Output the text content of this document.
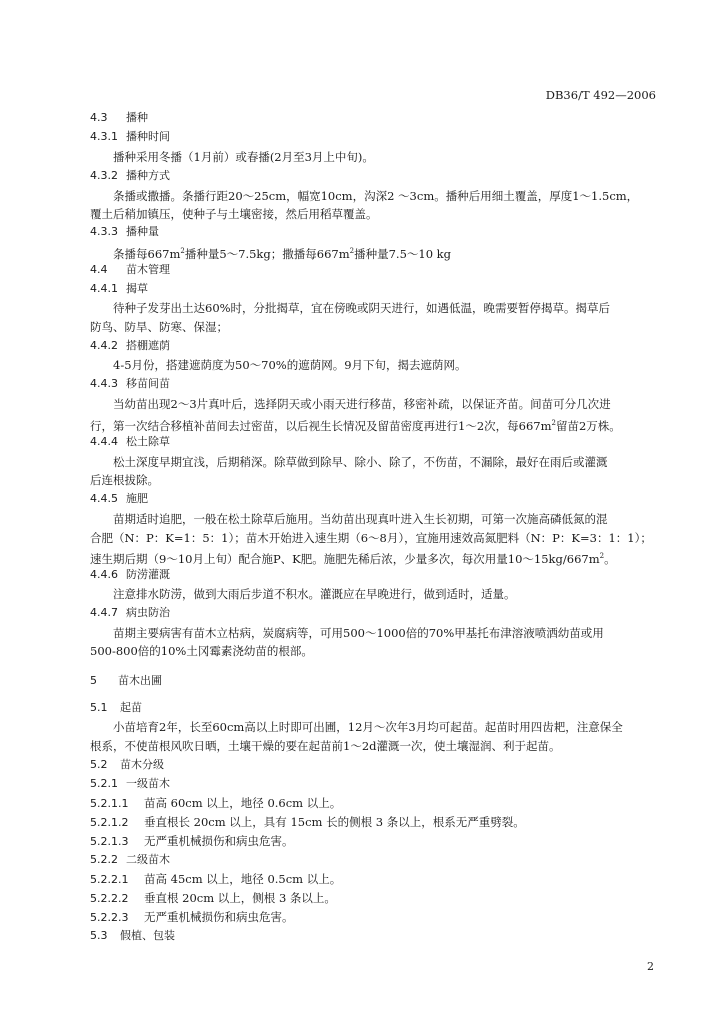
DB36/T 492—2006
4.3 播种
4.3.1 播种时间
播种采用冬播（1月前）或春播(2月至3月上中旬)。
4.3.2 播种方式
条播或撒播。条播行距20～25cm，幅宽10cm，沟深2 ～3cm。播种后用细土覆盖，厚度1～1.5cm，
覆土后稍加镇压，使种子与土壤密接，然后用稻草覆盖。
4.3.3 播种量
条播每$667m^2$播种量5～7.5kg；撒播每$667m^2$播种量7.5～10 kg
4.4 苗木管理
4.4.1 揭草
待种子发芽出土达60%时，分批揭草，宜在傍晚或阴天进行，如遇低温，晚需要暂停揭草。揭草后
防鸟、防旱、防寒、保湿；
4.4.2 搭棚遮荫
4-5月份，搭建遮荫度为50～70%的遮荫网。9月下旬，揭去遮荫网。
4.4.3 移苗间苗
当幼苗出现2～3片真叶后，选择阴天或小雨天进行移苗，移密补疏，以保证齐苗。间苗可分几次进
行，第一次结合移植补苗间去过密苗，以后视生长情况及留苗密度再进行1～2次，每$667m^2$留苗2万株。
4.4.4 松土除草
松土深度早期宜浅，后期稍深。除草做到除早、除小、除了，不伤苗，不漏除，最好在雨后或灌溉
后连根拔除。
4.4.5 施肥
苗期适时追肥，一般在松土除草后施用。当幼苗出现真叶进入生长初期，可第一次施高磷低氮的混
合肥（N：P：K=1：5：1）；苗木开始进入速生期（6～8月），宜施用速效高氮肥料（N：P：K=3：1：1）；
速生期后期（9～10月上旬）配合施P、K肥。施肥先稀后浓，少量多次，每次用量$10\sim 15kg/667m^2$。
4.4.6 防涝灌溉
注意排水防涝，做到大雨后步道不积水。灌溉应在早晚进行，做到适时，适量。
4.4.7 病虫防治
苗期主要病害有苗木立枯病，炭腐病等，可用500～1000倍的70%甲基托布津溶液喷洒幼苗或用
500-800倍的10%土冈霉素浇幼苗的根部。
5 苗木出圃
5.1 起苗
小苗培育2年，长至60cm高以上时即可出圃，12月～次年3月均可起苗。起苗时用四齿耙，注意保全
根系，不使苗根风吹日晒，土壤干燥的要在起苗前1～2d灌溉一次，使土壤湿润、利于起苗。
5.2 苗木分级
5.2.1 一级苗木
5.2.1.1 苗高 60cm 以上，地径 0.6cm 以上。
5.2.1.2 垂直根长 20cm 以上，具有 15cm 长的侧根 3 条以上，根系无严重劈裂。
5.2.1.3 无严重机械损伤和病虫危害。
5.2.2 二级苗木
5.2.2.1 苗高 45cm 以上，地径 0.5cm 以上。
5.2.2.2 垂直根 20cm 以上，侧根 3 条以上。
5.2.2.3 无严重机械损伤和病虫危害。
5.3 假植、包装
2
